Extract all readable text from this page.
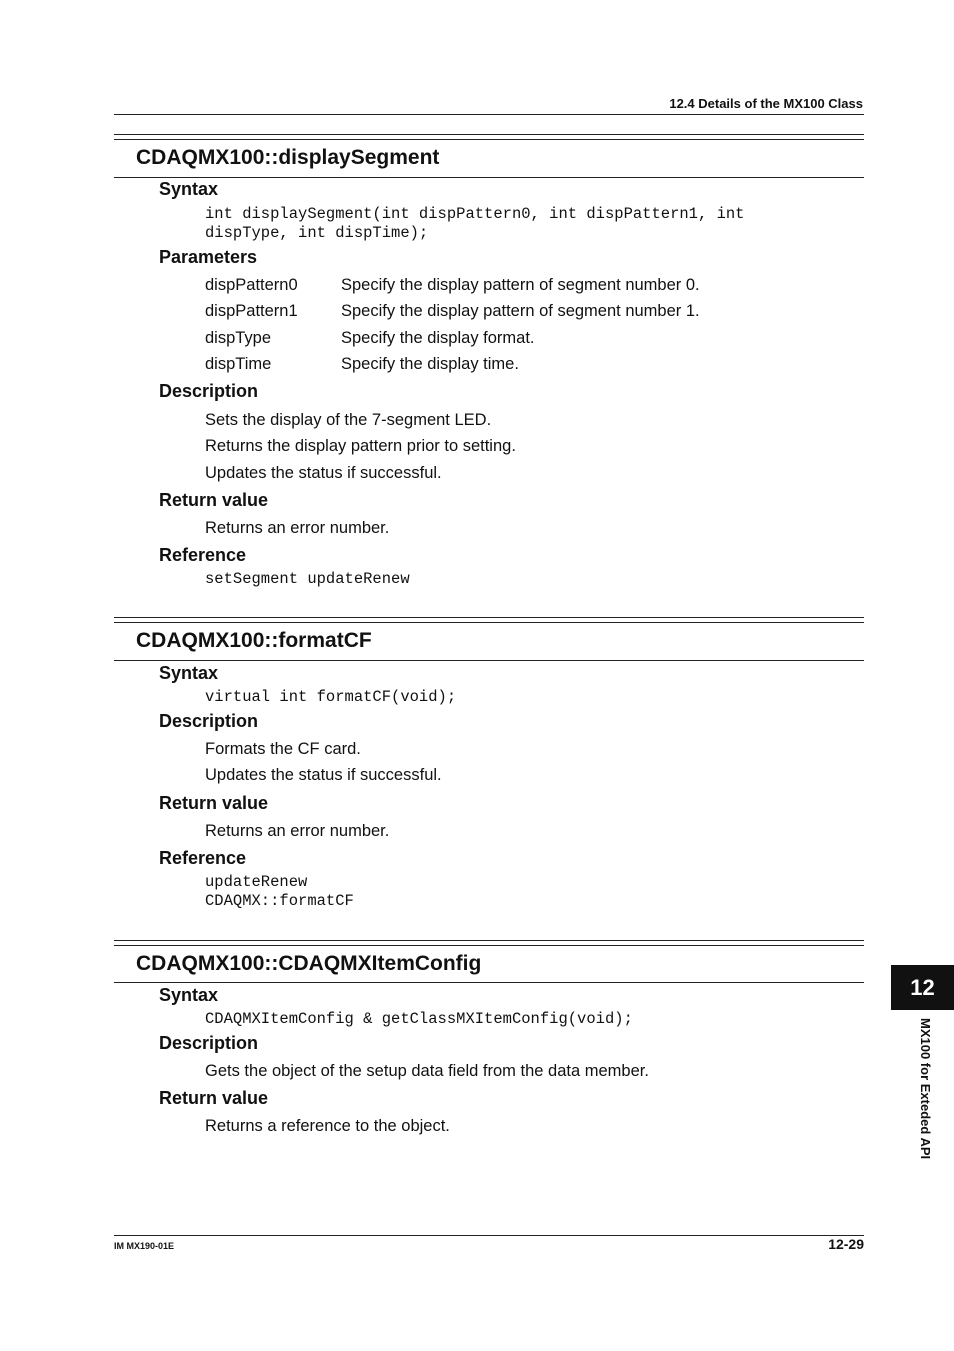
12.4 Details of the MX100 Class
CDAQMX100::displaySegment
Syntax
int displaySegment(int dispPattern0, int dispPattern1, int
dispType, int dispTime);
Parameters
dispPattern0	Specify the display pattern of segment number 0.
dispPattern1	Specify the display pattern of segment number 1.
dispType	Specify the display format.
dispTime	Specify the display time.
Description
Sets the display of the 7-segment LED.
Returns the display pattern prior to setting.
Updates the status if successful.
Return value
Returns an error number.
Reference
setSegment updateRenew
CDAQMX100::formatCF
Syntax
virtual int formatCF(void);
Description
Formats the CF card.
Updates the status if successful.
Return value
Returns an error number.
Reference
updateRenew
CDAQMX::formatCF
CDAQMX100::CDAQMXItemConfig
Syntax
CDAQMXItemConfig & getClassMXItemConfig(void);
Description
Gets the object of the setup data field from the data member.
Return value
Returns a reference to the object.
12
MX100 for Exteded API
IM MX190-01E	12-29
